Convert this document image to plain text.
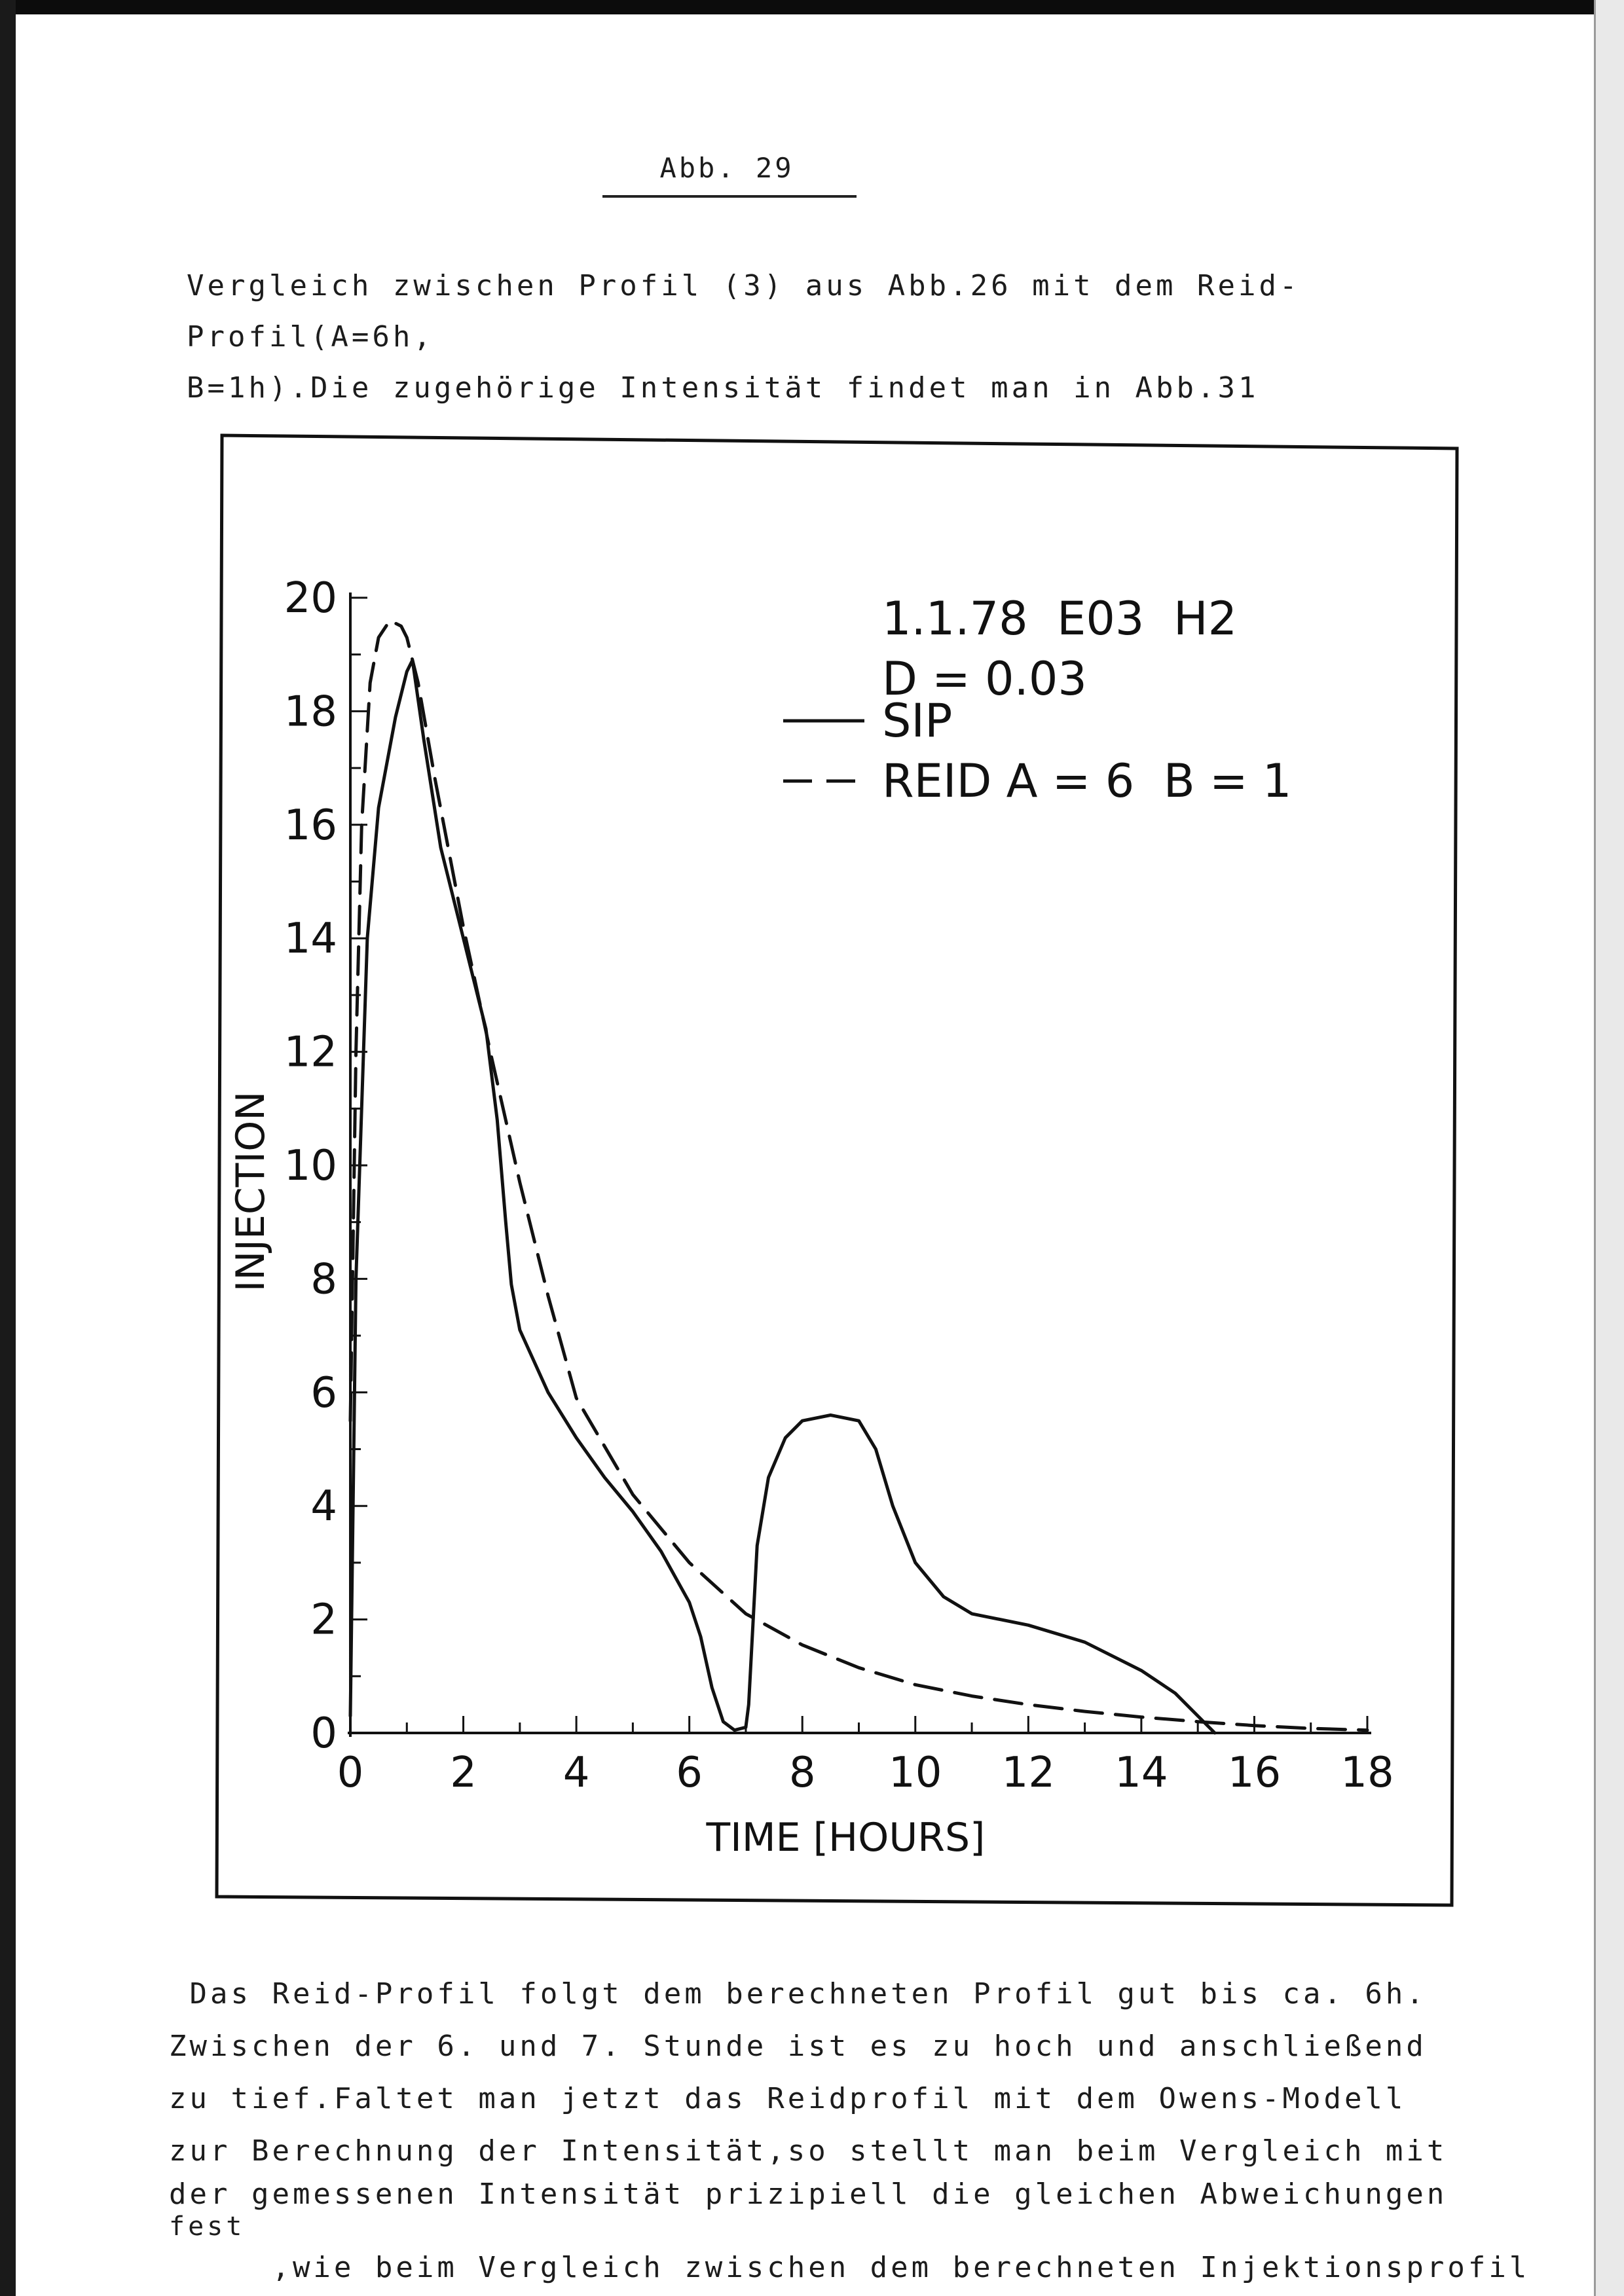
Abb. 29
Vergleich zwischen Profil (3) aus Abb.26 mit dem Reid-Profil(A=6h,
B=1h).Die zugehörige Intensität findet man in Abb.31
0 2 4 6 8 10 12 14 16 18
0
2
4
6
8
10
12
14
16
18
20
TIME [HOURS]
INJECTION
1.1.78  E03  H2
D = 0.03
SIP
REID A = 6  B = 1
Das Reid-Profil folgt dem berechneten Profil gut bis ca. 6h.
Zwischen der 6. und 7. Stunde ist es zu hoch und anschließend
zu tief.Faltet man jetzt das Reidprofil mit dem Owens-Modell
zur Berechnung der Intensität,so stellt man beim Vergleich mit
der gemessenen Intensität prizipiell die gleichen Abweichungen
fest
,wie beim Vergleich zwischen dem berechneten Injektionsprofil
